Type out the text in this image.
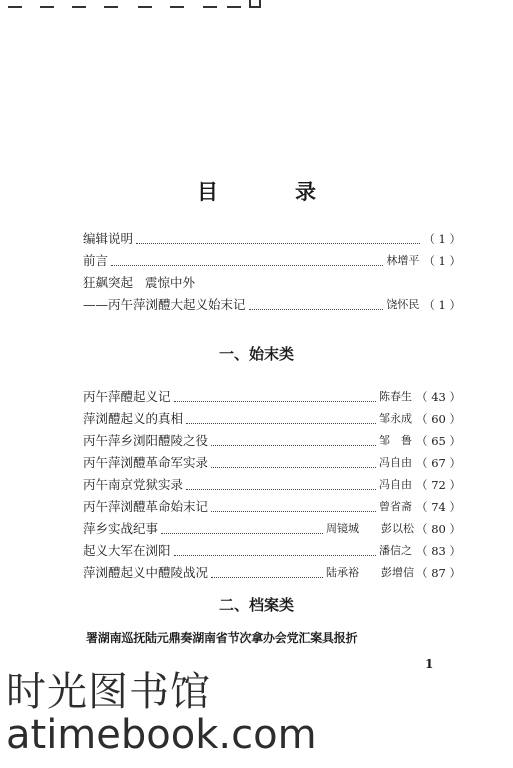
目　录
编辑说明	（ 1 ）
前言	林增平 （ 1 ）
狂飙突起 震惊中外
——丙午萍浏醴大起义始末记	饶怀民 （ 1 ）
一、始末类
丙午萍醴起义记	陈春生 （ 43 ）
萍浏醴起义的真相	邹永成 （ 60 ）
丙午萍乡浏阳醴陵之役	邹　鲁 （ 65 ）
丙午萍浏醴革命军实录	冯自由 （ 67 ）
丙午南京党狱实录	冯自由 （ 72 ）
丙午萍浏醴革命始末记	曾省斋 （ 74 ）
萍乡实战纪事	周镜城 彭以松 （ 80 ）
起义大军在浏阳	潘信之 （ 83 ）
萍浏醴起义中醴陵战况	陆承裕 彭增信 （ 87 ）
二、档案类
署湖南巡抚陆元鼎奏湖南省节次拿办会党汇案具报折
1
时光图书馆
atimebook.com
